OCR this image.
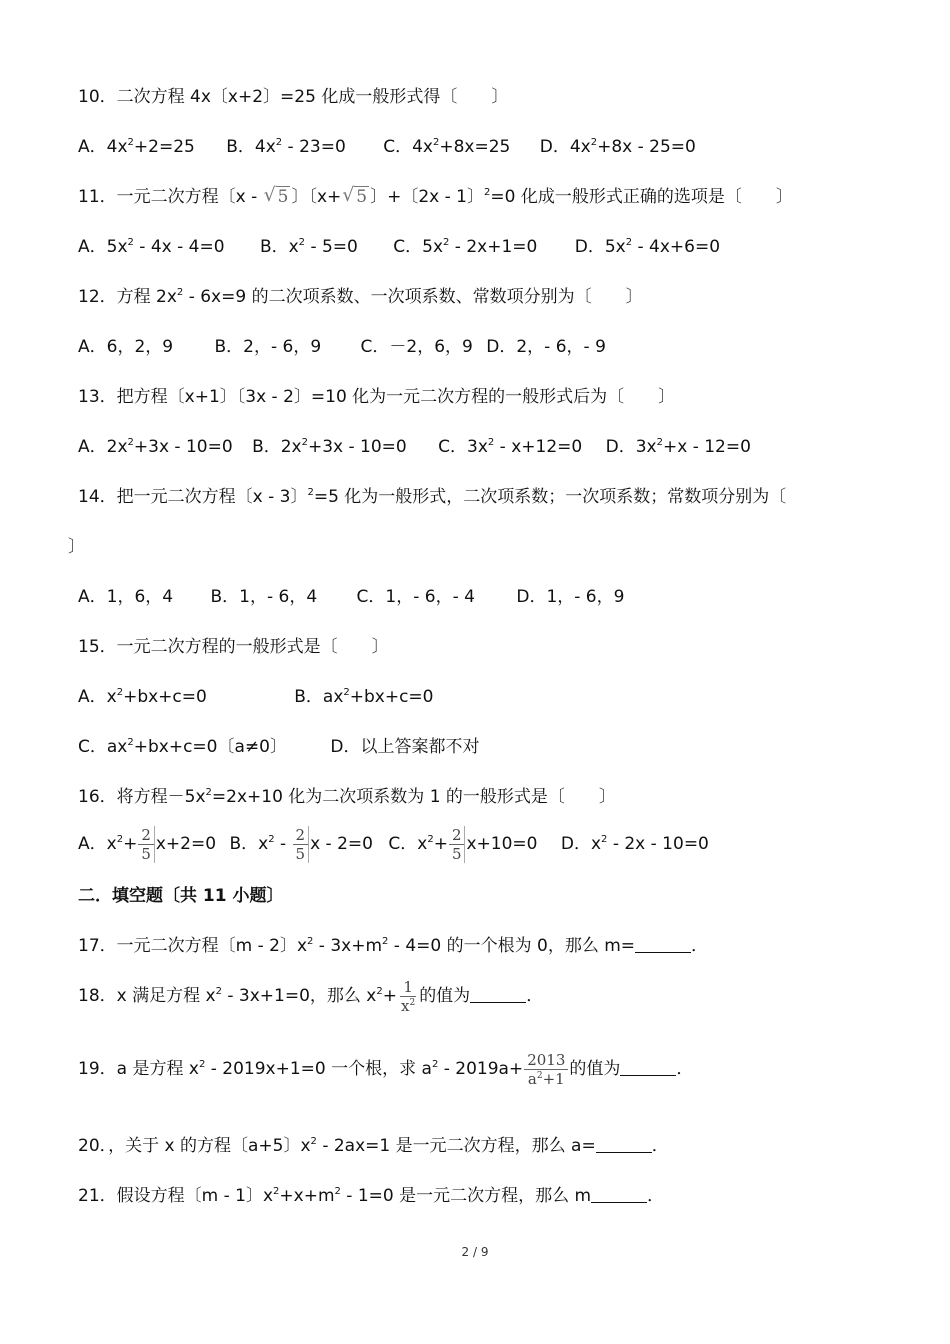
10．二次方程 4x〔x+2〕=25 化成一般形式得〔　　〕
A．$4x^2+2=25$ B．$4x^2 - 23=0$ C．$4x^2+8x=25$ D．$4x^2+8x - 25=0$
11．一元二次方程〔x - √ 5 〕〔x+√ 5 〕+〔2x - 1〕$^2$=0 化成一般形式正确的选项是〔　　〕
A．$5x^2 - 4x - 4=0$ B．$x^2 - 5=0$ C．$5x^2 - 2x+1=0$ D．$5x^2 - 4x+6=0$
12．方程 $2x^2 - 6x=9$ 的二次项系数、一次项系数、常数项分别为〔　　〕
A．6，2，9 B．2，- 6，9 C．－2，6，9 D．2，- 6，- 9
13．把方程〔x+1〕〔3x - 2〕=10 化为一元二次方程的一般形式后为〔　　〕
A．$2x^2+3x - 10=0$ B．$2x^2+3x - 10=0$ C．$3x^2 - x+12=0$ D．$3x^2+x - 12=0$
14．把一元二次方程〔x - 3〕$^2$=5 化为一般形式，二次项系数；一次项系数；常数项分别为〔
〕
A．1，6，4 B．1，- 6，4 C．1，- 6，- 4 D．1，- 6，9
15．一元二次方程的一般形式是〔　　〕
A．$x^2+bx+c=0$	B．$ax^2+bx+c=0$
C．$ax^2+bx+c=0$〔a≠0〕	D．以上答案都不对
16．将方程$-5x^2=2x+10$ 化为二次项系数为 1 的一般形式是〔　　〕
A．$x^2+ \frac{2}{5} x+2=0$ B．$x^2 - \frac{2}{5}$ x - 2=0 C．$x^2+ \frac{2}{5} x+10=0$ D．$x^2 - 2x - 10=0$
二．填空题〔共 11 小题〕
17．一元二次方程〔m - 2〕$x^2 - 3x+m^2 - 4=0$ 的一个根为 0，那么 m=	．
18．x 满足方程 $x^2 - 3x+1=0$，那么 $x^2+ \frac{1}{x^2}$ 的值为	．
19．a 是方程 $x^2 - 2019x+1=0$ 一个根，求 $a^2 - 2019a+ \frac{2013}{a^2+1}$ 的值为	．
20．，关于 x 的方程〔a+5〕$x^2 - 2ax=1$ 是一元二次方程，那么 a=	．
21．假设方程〔m - 1〕$x^2+x+m^2 - 1=0$ 是一元二次方程，那么 m	．
2 / 9
